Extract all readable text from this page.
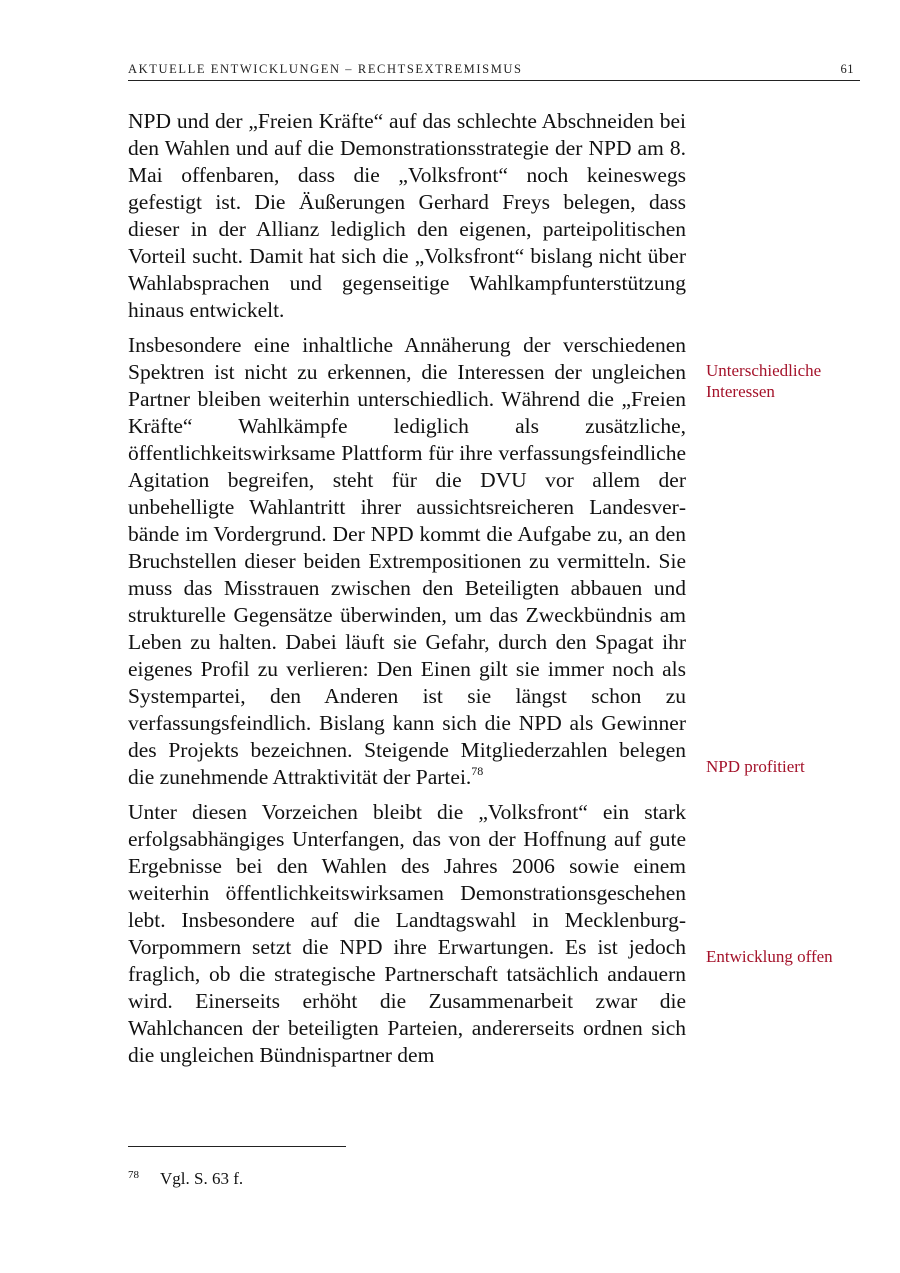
AKTUELLE ENTWICKLUNGEN – RECHTSEXTREMISMUS	61

NPD und der „Freien Kräfte“ auf das schlechte Abschneiden bei den Wahlen und auf die Demonstrationsstrategie der NPD am 8. Mai offenbaren, dass die „Volksfront“ noch keineswegs gefestigt ist. Die Äußerungen Gerhard Freys belegen, dass dieser in der Allianz lediglich den eigenen, parteipolitischen Vorteil sucht. Damit hat sich die „Volksfront“ bislang nicht über Wahlabsprachen und gegenseitige Wahlkampfunterstützung hinaus entwickelt.

Insbesondere eine inhaltliche Annäherung der verschiedenen Spektren ist nicht zu erkennen, die Interessen der ungleichen Partner bleiben weiterhin unterschiedlich. Während die „Freien Kräfte“ Wahlkämpfe lediglich als zusätzliche, öffentlichkeitswirksame Plattform für ihre verfassungsfeindliche Agitation begreifen, steht für die DVU vor allem der unbehelligte Wahlantritt ihrer aussichtsreicheren Landesverbände im Vordergrund. Der NPD kommt die Aufgabe zu, an den Bruchstellen dieser beiden Extrempositionen zu vermitteln. Sie muss das Misstrauen zwischen den Beteiligten abbauen und strukturelle Gegensätze überwinden, um das Zweckbündnis am Leben zu halten. Dabei läuft sie Gefahr, durch den Spagat ihr eigenes Profil zu verlieren: Den Einen gilt sie immer noch als Systempartei, den Anderen ist sie längst schon zu verfassungsfeindlich. Bislang kann sich die NPD als Gewinner des Projekts bezeichnen. Steigende Mitgliederzahlen belegen die zunehmende Attraktivität der Partei.$^{78}$

Unter diesen Vorzeichen bleibt die „Volksfront“ ein stark erfolgsabhängiges Unterfangen, das von der Hoffnung auf gute Ergebnisse bei den Wahlen des Jahres 2006 sowie einem weiterhin öffentlichkeitswirksamen Demonstrationsgeschehen lebt. Insbesondere auf die Landtagswahl in Mecklenburg-Vorpommern setzt die NPD ihre Erwartungen. Es ist jedoch fraglich, ob die strategische Partnerschaft tatsächlich andauern wird. Einerseits erhöht die Zusammenarbeit zwar die Wahlchancen der beteiligten Parteien, andererseits ordnen sich die ungleichen Bündnispartner dem

Unterschiedliche Interessen
NPD profitiert
Entwicklung offen
78 Vgl. S. 63 f.
